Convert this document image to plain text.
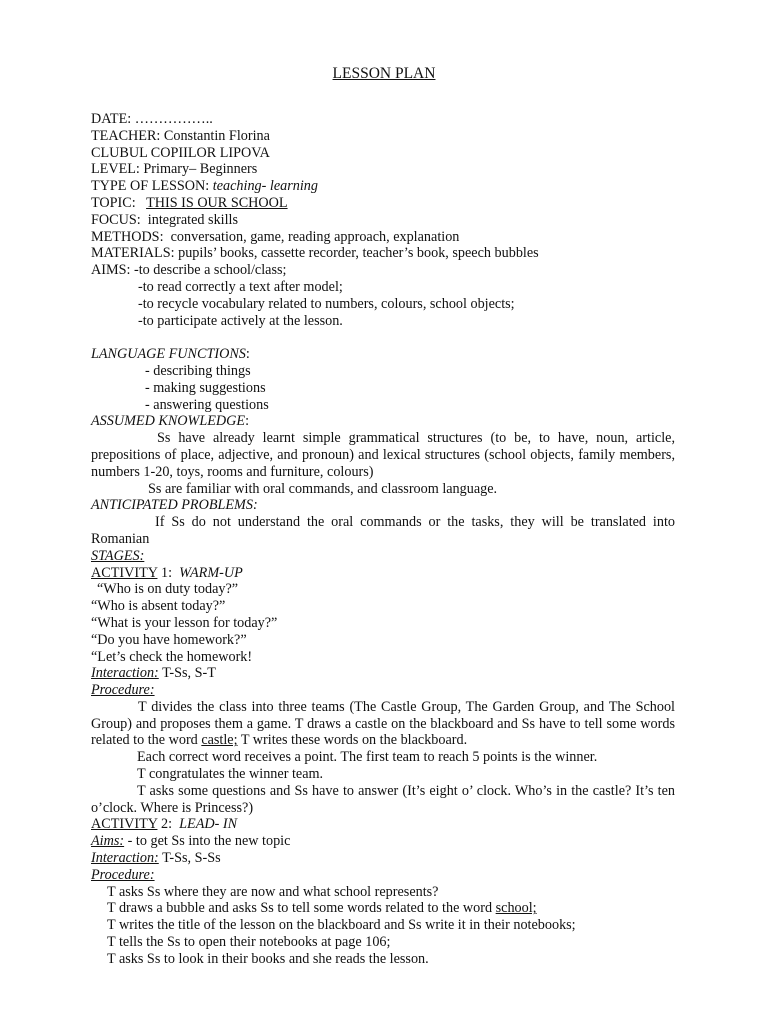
LESSON PLAN
DATE: ……………..
TEACHER: Constantin Florina
CLUBUL COPIILOR LIPOVA
LEVEL: Primary– Beginners
TYPE OF LESSON: teaching- learning
TOPIC: THIS IS OUR SCHOOL
FOCUS: integrated skills
METHODS: conversation, game, reading approach, explanation
MATERIALS: pupils’ books, cassette recorder, teacher’s book, speech bubbles
AIMS: -to describe a school/class;
-to read correctly a text after model;
-to recycle vocabulary related to numbers, colours, school objects;
-to participate actively at the lesson.
LANGUAGE FUNCTIONS:
- describing things
- making suggestions
- answering questions
ASSUMED KNOWLEDGE:
Ss have already learnt simple grammatical structures (to be, to have, noun, article, prepositions of place, adjective, and pronoun) and lexical structures (school objects, family members, numbers 1-20, toys, rooms and furniture, colours)
Ss are familiar with oral commands, and classroom language.
ANTICIPATED PROBLEMS:
If Ss do not understand the oral commands or the tasks, they will be translated into Romanian
STAGES:
ACTIVITY 1: WARM-UP
“Who is on duty today?”
“Who is absent today?”
“What is your lesson for today?”
“Do you have homework?”
“Let’s check the homework!
Interaction: T-Ss, S-T
Procedure:
T divides the class into three teams (The Castle Group, The Garden Group, and The School Group) and proposes them a game. T draws a castle on the blackboard and Ss have to tell some words related to the word castle; T writes these words on the blackboard.
Each correct word receives a point. The first team to reach 5 points is the winner.
T congratulates the winner team.
T asks some questions and Ss have to answer (It’s eight o’ clock. Who’s in the castle? It’s ten o’clock. Where is Princess?)
ACTIVITY 2: LEAD- IN
Aims: - to get Ss into the new topic
Interaction: T-Ss, S-Ss
Procedure:
T asks Ss where they are now and what school represents?
T draws a bubble and asks Ss to tell some words related to the word school;
T writes the title of the lesson on the blackboard and Ss write it in their notebooks;
T tells the Ss to open their notebooks at page 106;
T asks Ss to look in their books and she reads the lesson.
